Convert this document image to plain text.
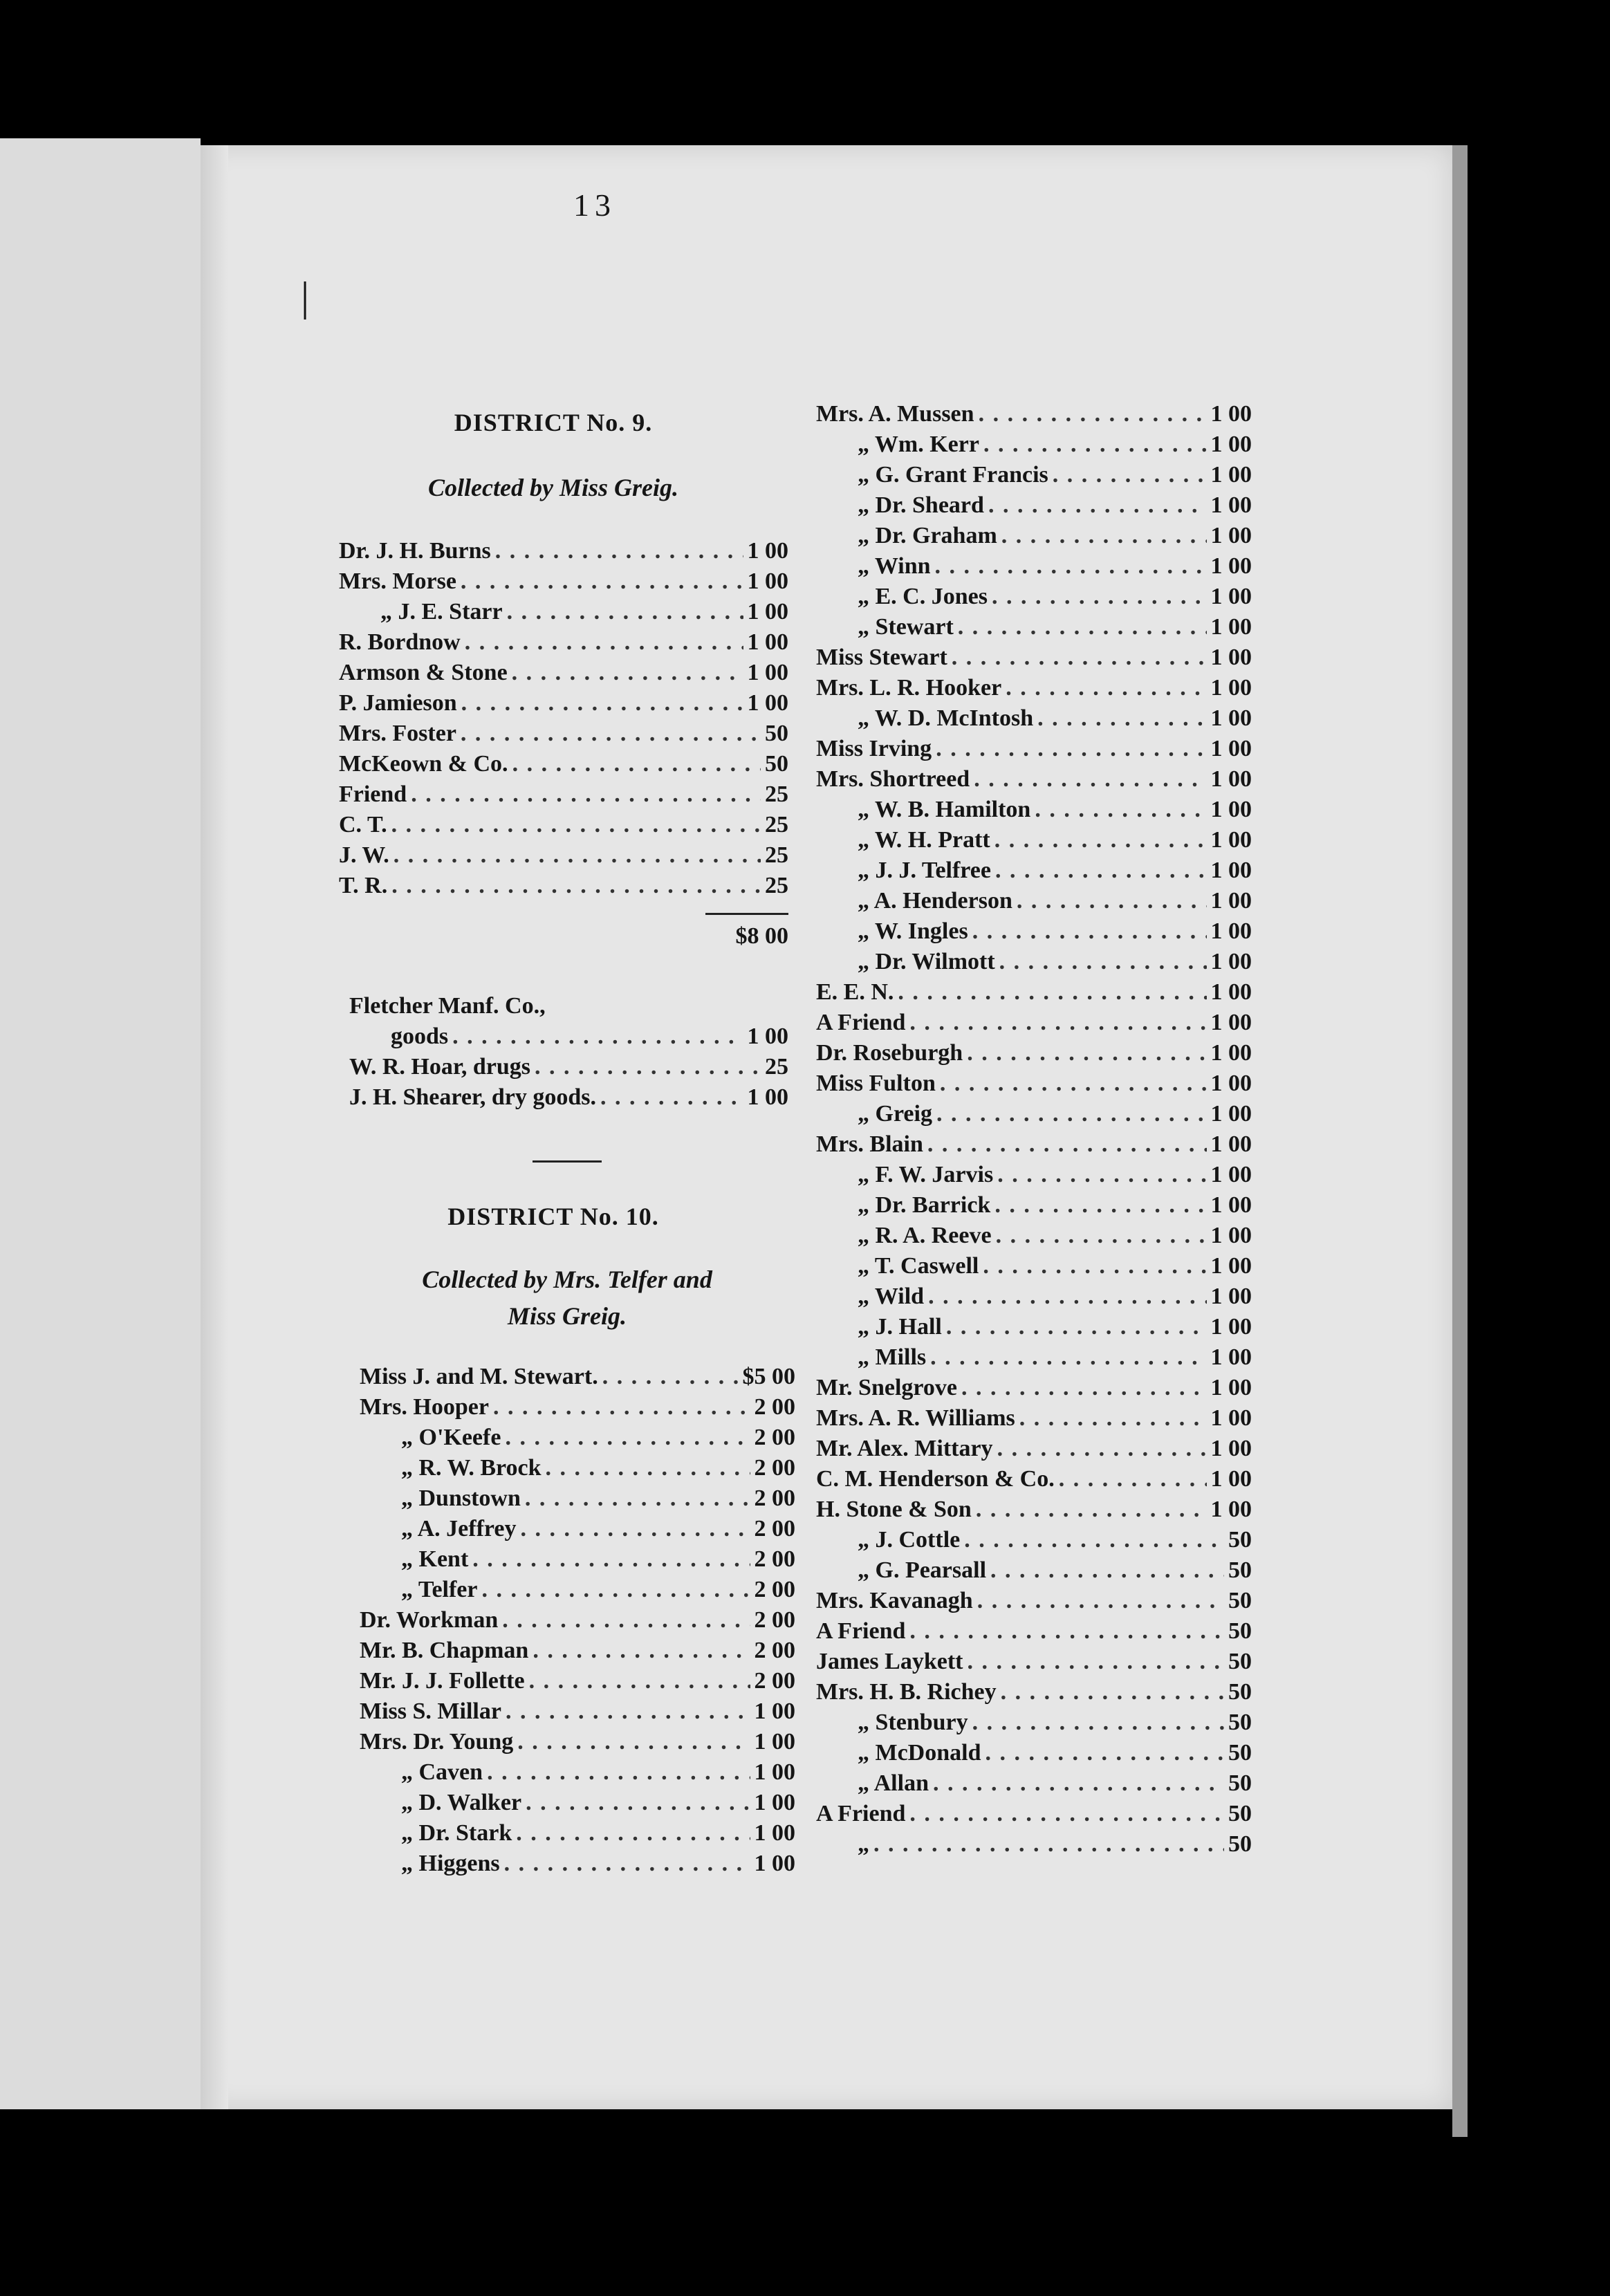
13
DISTRICT No. 9.
Collected by Miss Greig.
Dr. J. H. Burns . . .	1 00
Mrs. Morse . . .	1 00
„ J. E. Starr . . .	1 00
R. Bordnow . . .	1 00
Armson & Stone . . .	1 00
P. Jamieson . . .	1 00
Mrs. Foster . . .	50
McKeown & Co. . . .	50
Friend . . .	25
C. T. . . .	25
J. W. . . .	25
T. R. . . .	25
$8 00
Fletcher Manf. Co.,
goods . . .	1 00
W. R. Hoar, drugs . . .	25
J. H. Shearer, dry goods. . . .	1 00
DISTRICT No. 10.
Collected by Mrs. Telfer and
Miss Greig.
Miss J. and M. Stewart. . . .	$5 00
Mrs. Hooper . . .	2 00
„ O'Keefe . . .	2 00
„ R. W. Brock . . .	2 00
„ Dunstown . . .	2 00
„ A. Jeffrey . . .	2 00
„ Kent . . .	2 00
„ Telfer . . .	2 00
Dr. Workman . . .	2 00
Mr. B. Chapman . . .	2 00
Mr. J. J. Follette . . .	2 00
Miss S. Millar . . .	1 00
Mrs. Dr. Young . . .	1 00
„ Caven . . .	1 00
„ D. Walker . . .	1 00
„ Dr. Stark . . .	1 00
„ Higgens . . .	1 00
Mrs. A. Mussen . . .	1 00
„ Wm. Kerr . . .	1 00
„ G. Grant Francis . . .	1 00
„ Dr. Sheard . . .	1 00
„ Dr. Graham . . .	1 00
„ Winn . . .	1 00
„ E. C. Jones . . .	1 00
„ Stewart . . .	1 00
Miss Stewart . . .	1 00
Mrs. L. R. Hooker . . .	1 00
„ W. D. McIntosh . . .	1 00
Miss Irving . . .	1 00
Mrs. Shortreed . . .	1 00
„ W. B. Hamilton . . .	1 00
„ W. H. Pratt . . .	1 00
„ J. J. Telfree . . .	1 00
„ A. Henderson . . .	1 00
„ W. Ingles . . .	1 00
„ Dr. Wilmott . . .	1 00
E. E. N. . . .	1 00
A Friend . . .	1 00
Dr. Roseburgh . . .	1 00
Miss Fulton . . .	1 00
„ Greig . . .	1 00
Mrs. Blain . . .	1 00
„ F. W. Jarvis . . .	1 00
„ Dr. Barrick . . .	1 00
„ R. A. Reeve . . .	1 00
„ T. Caswell . . .	1 00
„ Wild . . .	1 00
„ J. Hall . . .	1 00
„ Mills . . .	1 00
Mr. Snelgrove . . .	1 00
Mrs. A. R. Williams . . .	1 00
Mr. Alex. Mittary . . .	1 00
C. M. Henderson & Co. . . .	1 00
H. Stone & Son . . .	1 00
„ J. Cottle . . .	50
„ G. Pearsall . . .	50
Mrs. Kavanagh . . .	50
A Friend . . .	50
James Laykett . . .	50
Mrs. H. B. Richey . . .	50
„ Stenbury . . .	50
„ McDonald . . .	50
„ Allan . . .	50
A Friend . . .	50
„ . . .	50
|
